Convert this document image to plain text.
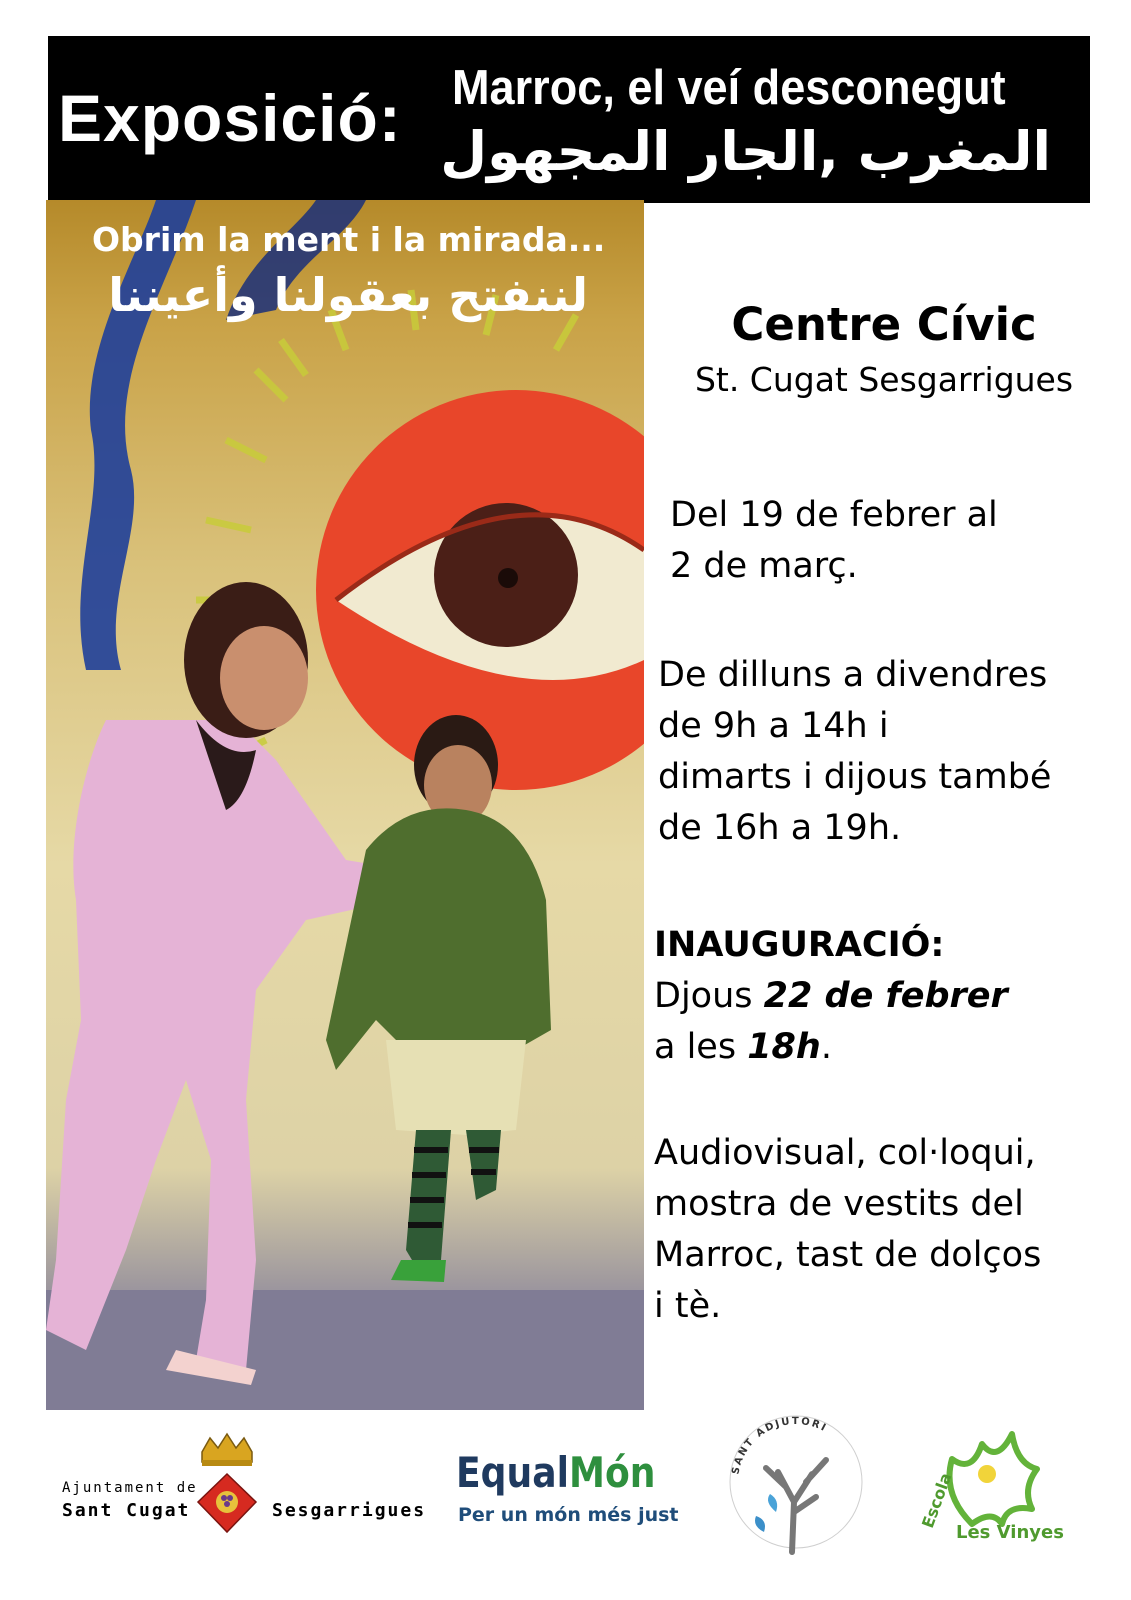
Exposició: Marroc, el veí desconegut
المغرب ,الجار المجهول
Obrim la ment i la mirada...
لننفتح بعقولنا وأعيننا
Centre Cívic
St. Cugat Sesgarrigues
Del 19 de febrer al
2 de març.
De dilluns a divendres
de 9h a 14h i
dimarts i dijous també
de 16h a 19h.
INAUGURACIÓ:
Djous 22 de febrer
a les 18h.
Audiovisual, col·loqui,
mostra de vestits del
Marroc, tast de dolços
i tè.
Ajuntament de
Sant Cugat	Sesgarrigues
EqualMón
Per un món més just
SANT ADJUTORI
Escola
Les Vinyes
